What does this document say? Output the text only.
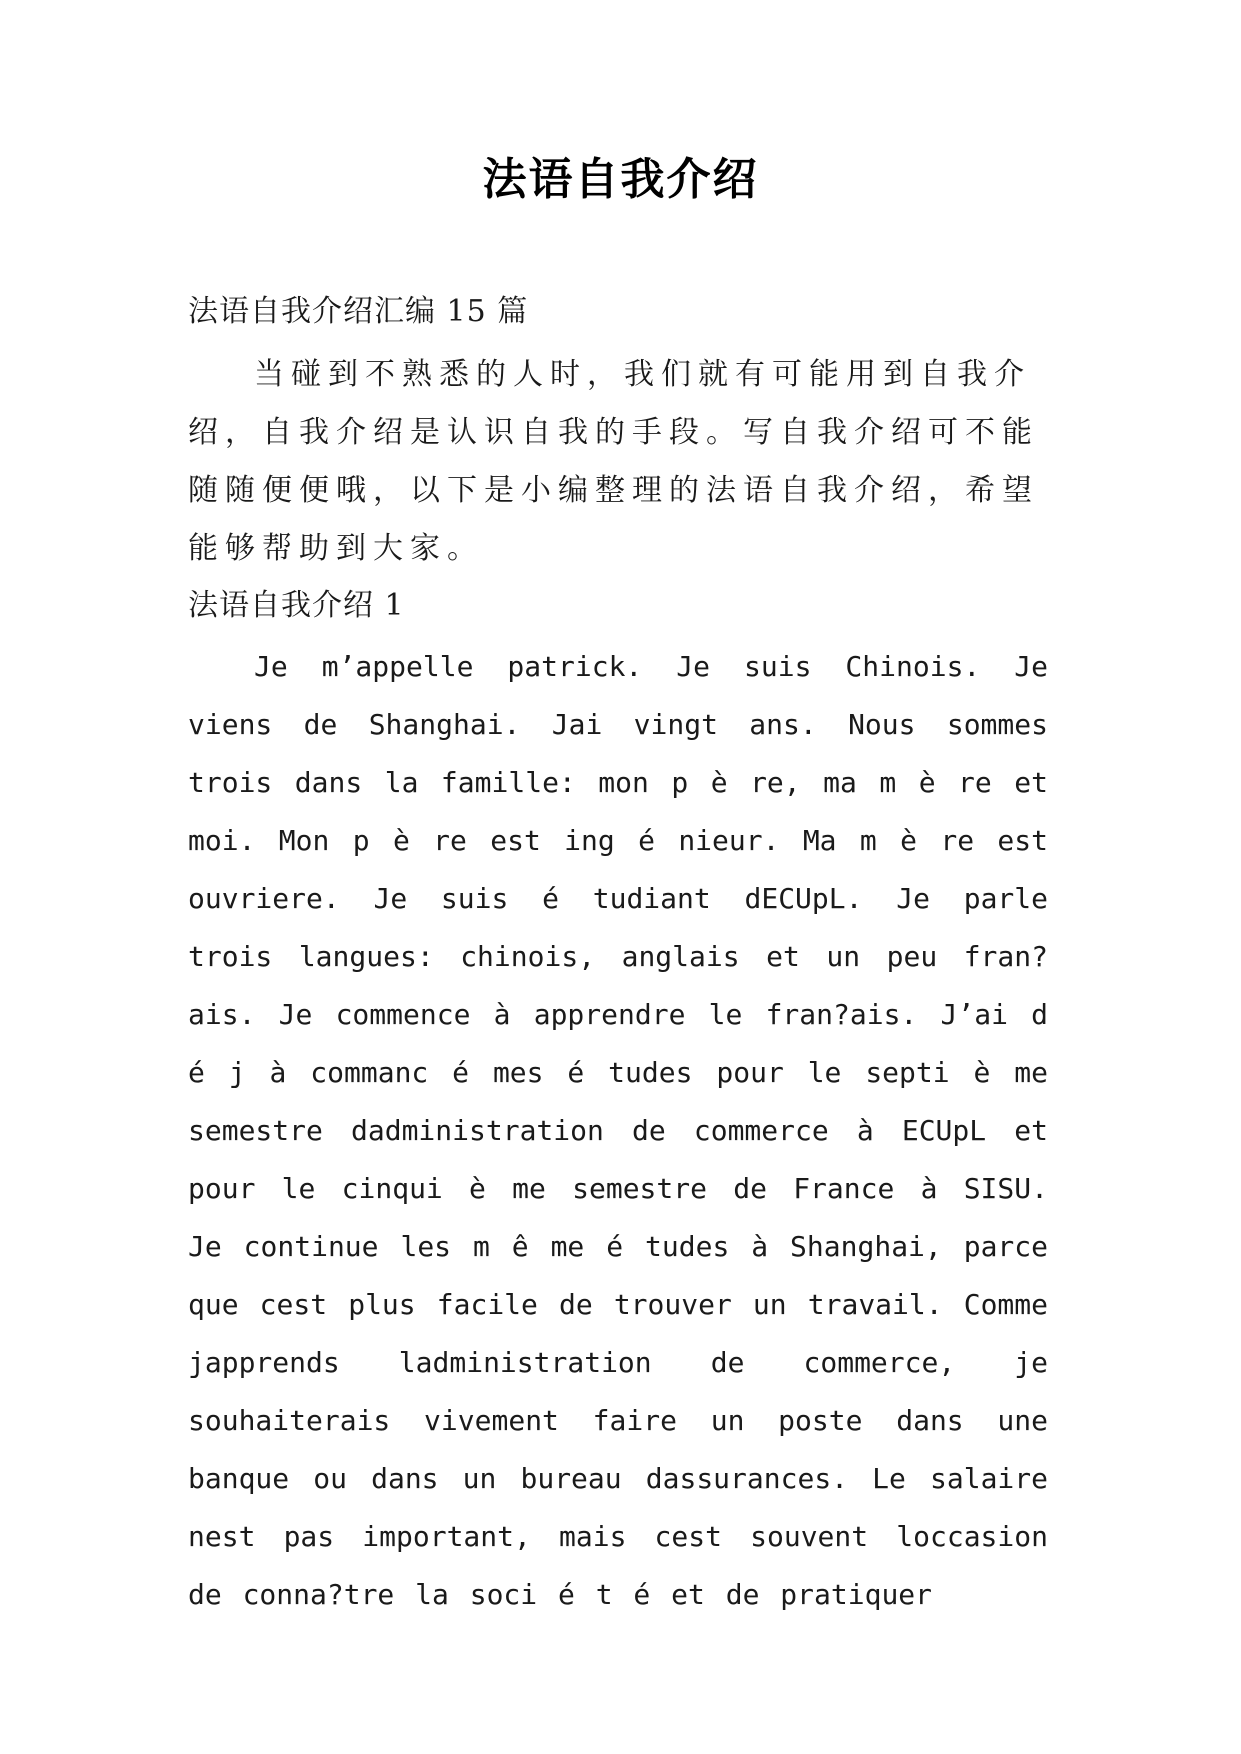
法语自我介绍
法语自我介绍汇编 15 篇

当碰到不熟悉的人时，我们就有可能用到自我介绍，自我介绍是认识自我的手段。写自我介绍可不能随随便便哦，以下是小编整理的法语自我介绍，希望能够帮助到大家。

法语自我介绍 1

Je m’appelle patrick. Je suis Chinois. Je viens de Shanghai. Jai vingt ans. Nous sommes trois dans la famille: mon p è re, ma m è re et moi. Mon p è re est ing é nieur. Ma m è re est ouvriere. Je suis é tudiant dECUpL. Je parle trois langues: chinois, anglais et un peu fran?ais. Je commence à apprendre le fran?ais. J’ai d é j à commanc é mes é tudes pour le septi è me semestre dadministration de commerce à ECUpL et pour le cinqui è me semestre de France à SISU. Je continue les m ê me é tudes à Shanghai, parce que cest plus facile de trouver un travail. Comme japprends ladministration de commerce, je souhaiterais vivement faire un poste dans une banque ou dans un bureau dassurances. Le salaire nest pas important, mais cest souvent loccasion de conna?tre la soci é t é et de pratiquer
